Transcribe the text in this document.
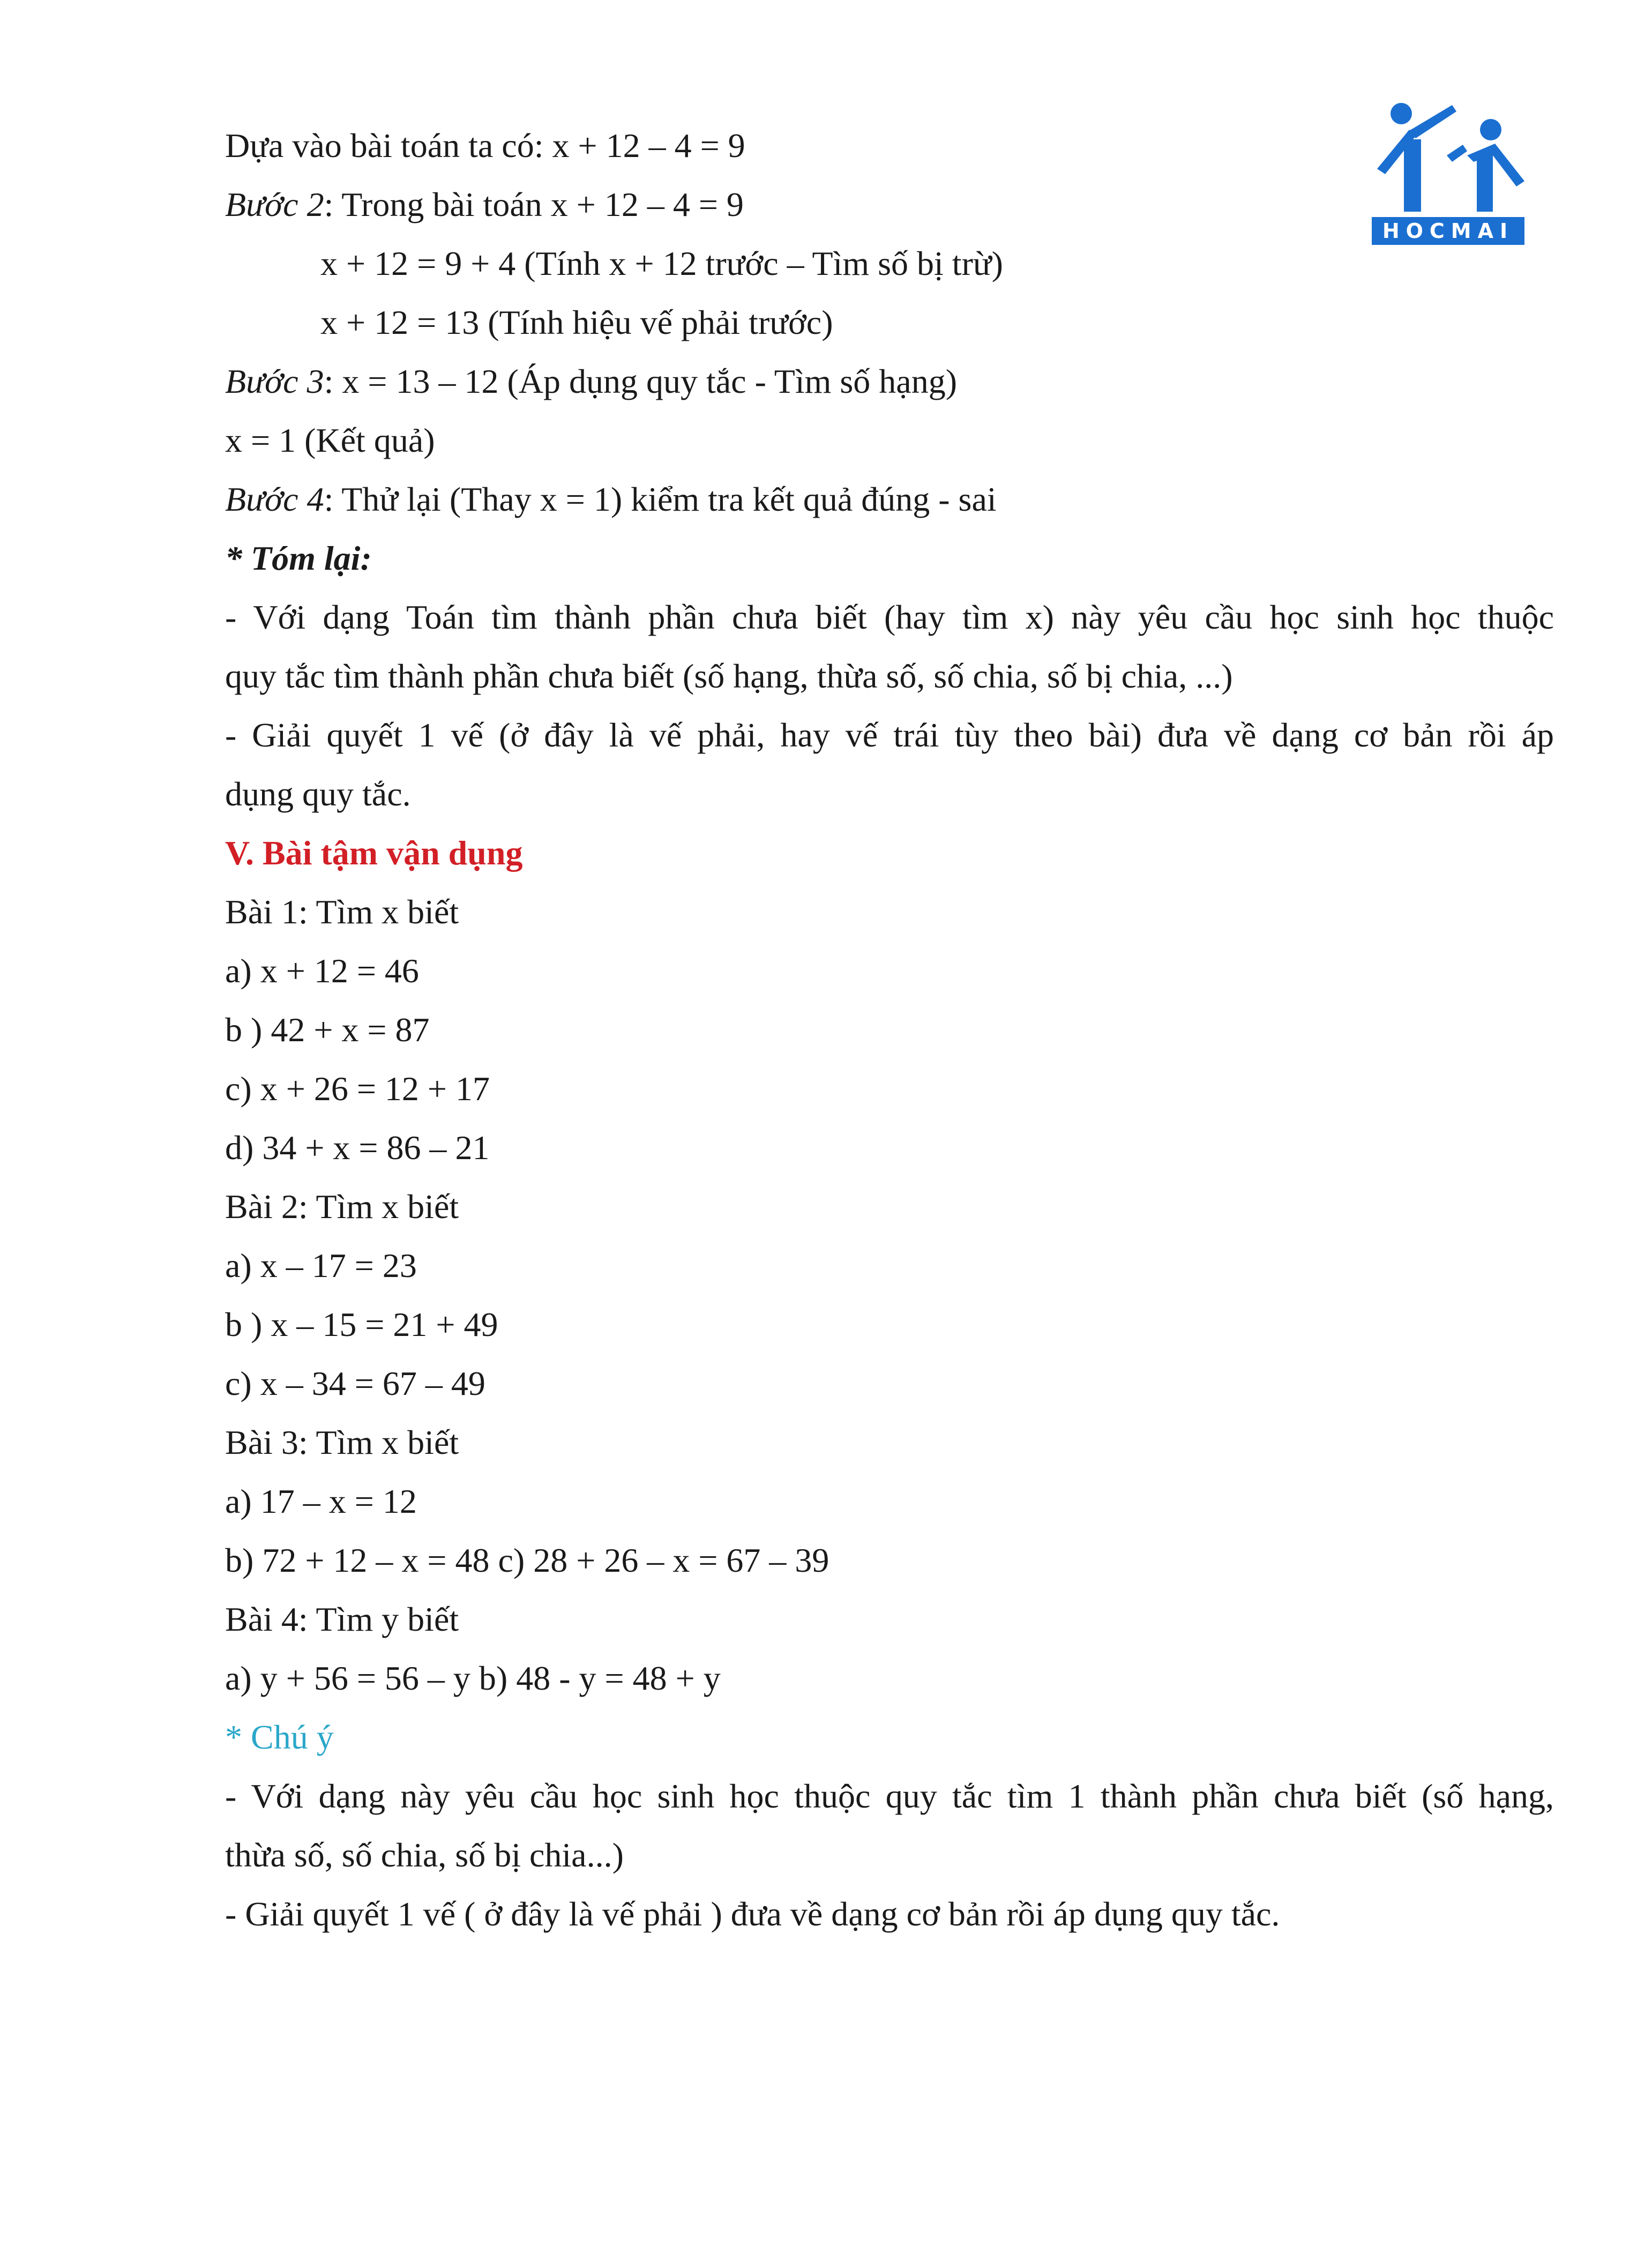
HOCMAI
Dựa vào bài toán ta có: x + 12 – 4 = 9
Bước 2: Trong bài toán x + 12 – 4 = 9
x + 12 = 9 + 4 (Tính x + 12 trước – Tìm số bị trừ)
x + 12 = 13 (Tính hiệu vế phải trước)
Bước 3: x = 13 – 12 (Áp dụng quy tắc - Tìm số hạng)
x = 1 (Kết quả)
Bước 4: Thử lại (Thay x = 1) kiểm tra kết quả đúng - sai
* Tóm lại:
- Với dạng Toán tìm thành phần chưa biết (hay tìm x) này yêu cầu học sinh học thuộc
quy tắc tìm thành phần chưa biết (số hạng, thừa số, số chia, số bị chia, ...)
- Giải quyết 1 vế (ở đây là vế phải, hay vế trái tùy theo bài) đưa về dạng cơ bản rồi áp
dụng quy tắc.
V. Bài tậm vận dụng
Bài 1: Tìm x biết
a) x + 12 = 46
b ) 42 + x = 87
c) x + 26 = 12 + 17
d) 34 + x = 86 – 21
Bài 2: Tìm x biết
a) x – 17 = 23
b ) x – 15 = 21 + 49
c) x – 34 = 67 – 49
Bài 3: Tìm x biết
a) 17 – x = 12
b) 72 + 12 – x = 48 c) 28 + 26 – x = 67 – 39
Bài 4: Tìm y biết
a) y + 56 = 56 – y b) 48 - y = 48 + y
* Chú ý
- Với dạng này yêu cầu học sinh học thuộc quy tắc tìm 1 thành phần chưa biết (số hạng,
thừa số, số chia, số bị chia...)
- Giải quyết 1 vế ( ở đây là vế phải ) đưa về dạng cơ bản rồi áp dụng quy tắc.
